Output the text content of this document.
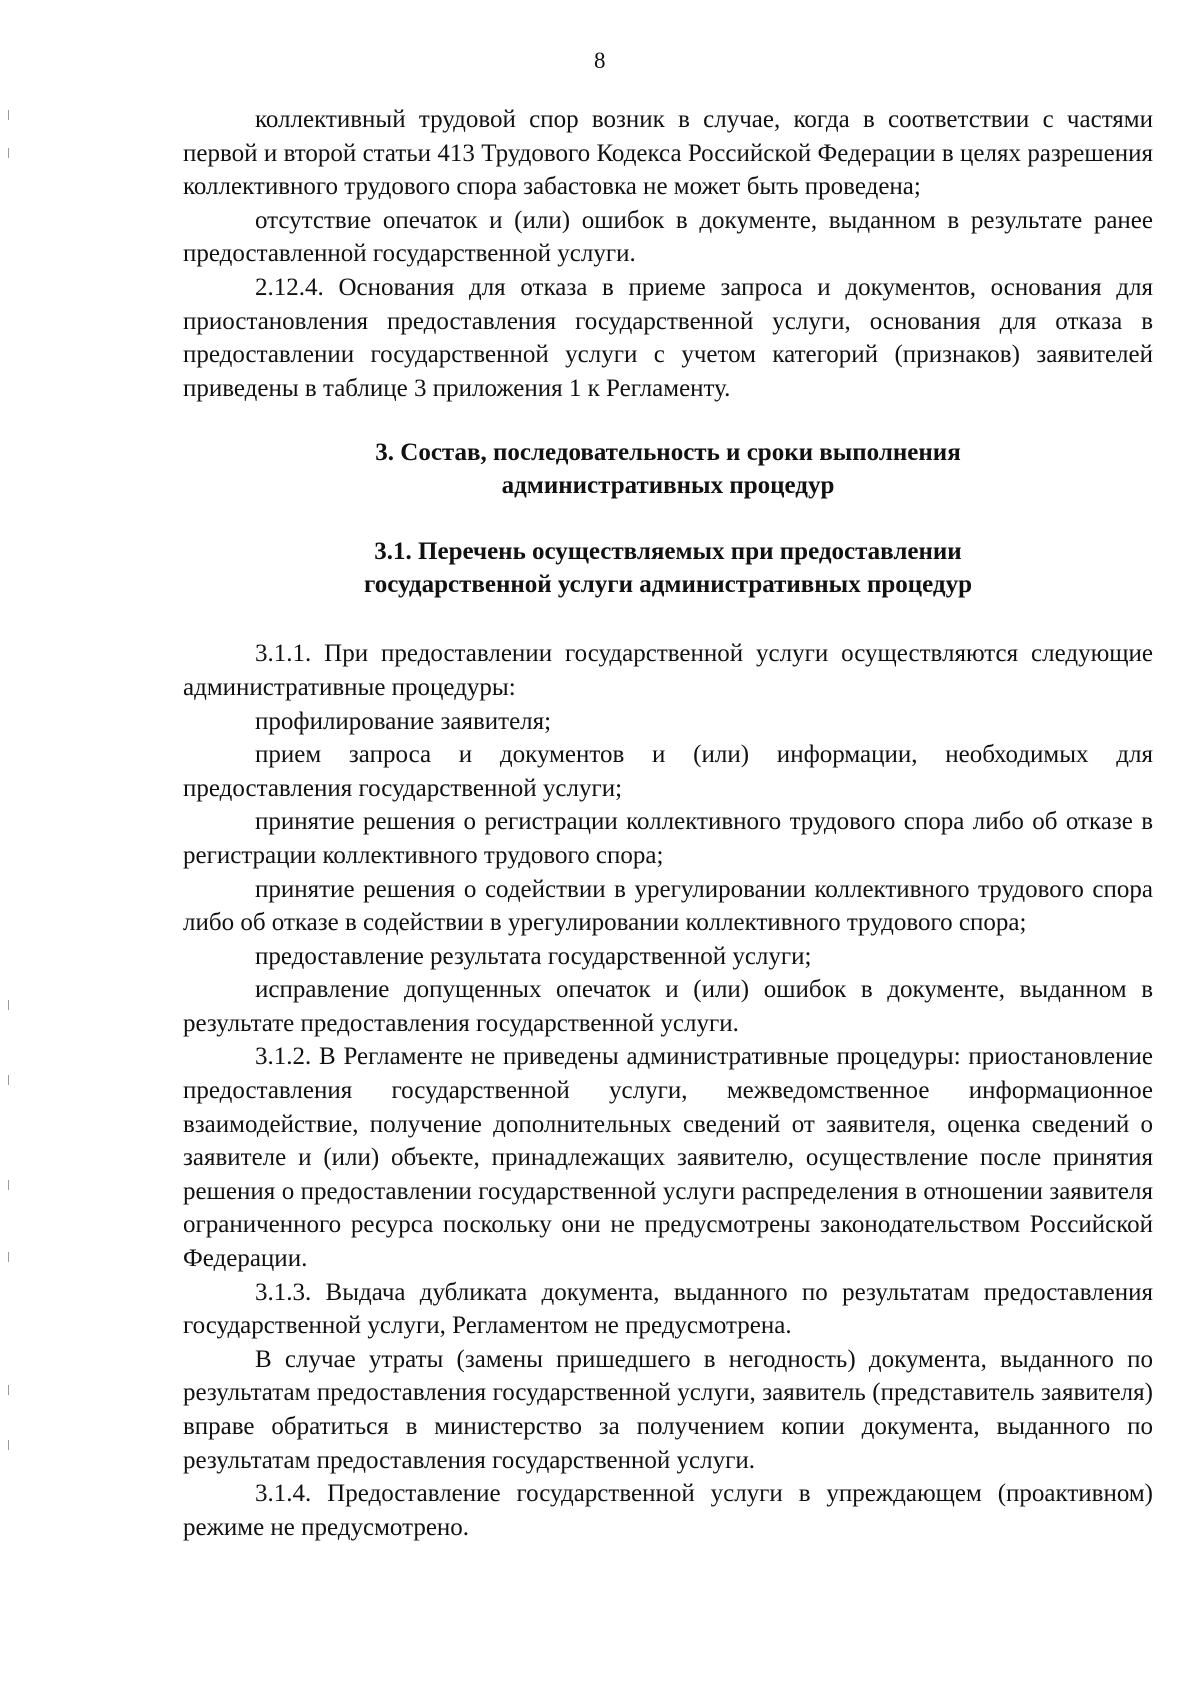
8

коллективный трудовой спор возник в случае, когда в соответствии с частями первой и второй статьи 413 Трудового Кодекса Российской Федерации в целях разрешения коллективного трудового спора забастовка не может быть проведена;

отсутствие опечаток и (или) ошибок в документе, выданном в результате ранее предоставленной государственной услуги.

2.12.4. Основания для отказа в приеме запроса и документов, основания для приостановления предоставления государственной услуги, основания для отказа в предоставлении государственной услуги с учетом категорий (признаков) заявителей приведены в таблице 3 приложения 1 к Регламенту.

3. Состав, последовательность и сроки выполнения
административных процедур
3.1. Перечень осуществляемых при предоставлении
государственной услуги административных процедур

3.1.1. При предоставлении государственной услуги осуществляются следующие административные процедуры:

профилирование заявителя;

прием запроса и документов и (или) информации, необходимых для предоставления государственной услуги;

принятие решения о регистрации коллективного трудового спора либо об отказе в регистрации коллективного трудового спора;

принятие решения о содействии в урегулировании коллективного трудового спора либо об отказе в содействии в урегулировании коллективного трудового спора;

предоставление результата государственной услуги;

исправление допущенных опечаток и (или) ошибок в документе, выданном в результате предоставления государственной услуги.

3.1.2. В Регламенте не приведены административные процедуры: приостановление предоставления государственной услуги, межведомственное информационное взаимодействие, получение дополнительных сведений от заявителя, оценка сведений о заявителе и (или) объекте, принадлежащих заявителю, осуществление после принятия решения о предоставлении государственной услуги распределения в отношении заявителя ограниченного ресурса поскольку они не предусмотрены законодательством Российской Федерации.

3.1.3. Выдача дубликата документа, выданного по результатам предоставления государственной услуги, Регламентом не предусмотрена.

В случае утраты (замены пришедшего в негодность) документа, выданного по результатам предоставления государственной услуги, заявитель (представитель заявителя) вправе обратиться в министерство за получением копии документа, выданного по результатам предоставления государственной услуги.

3.1.4. Предоставление государственной услуги в упреждающем (проактивном) режиме не предусмотрено.
